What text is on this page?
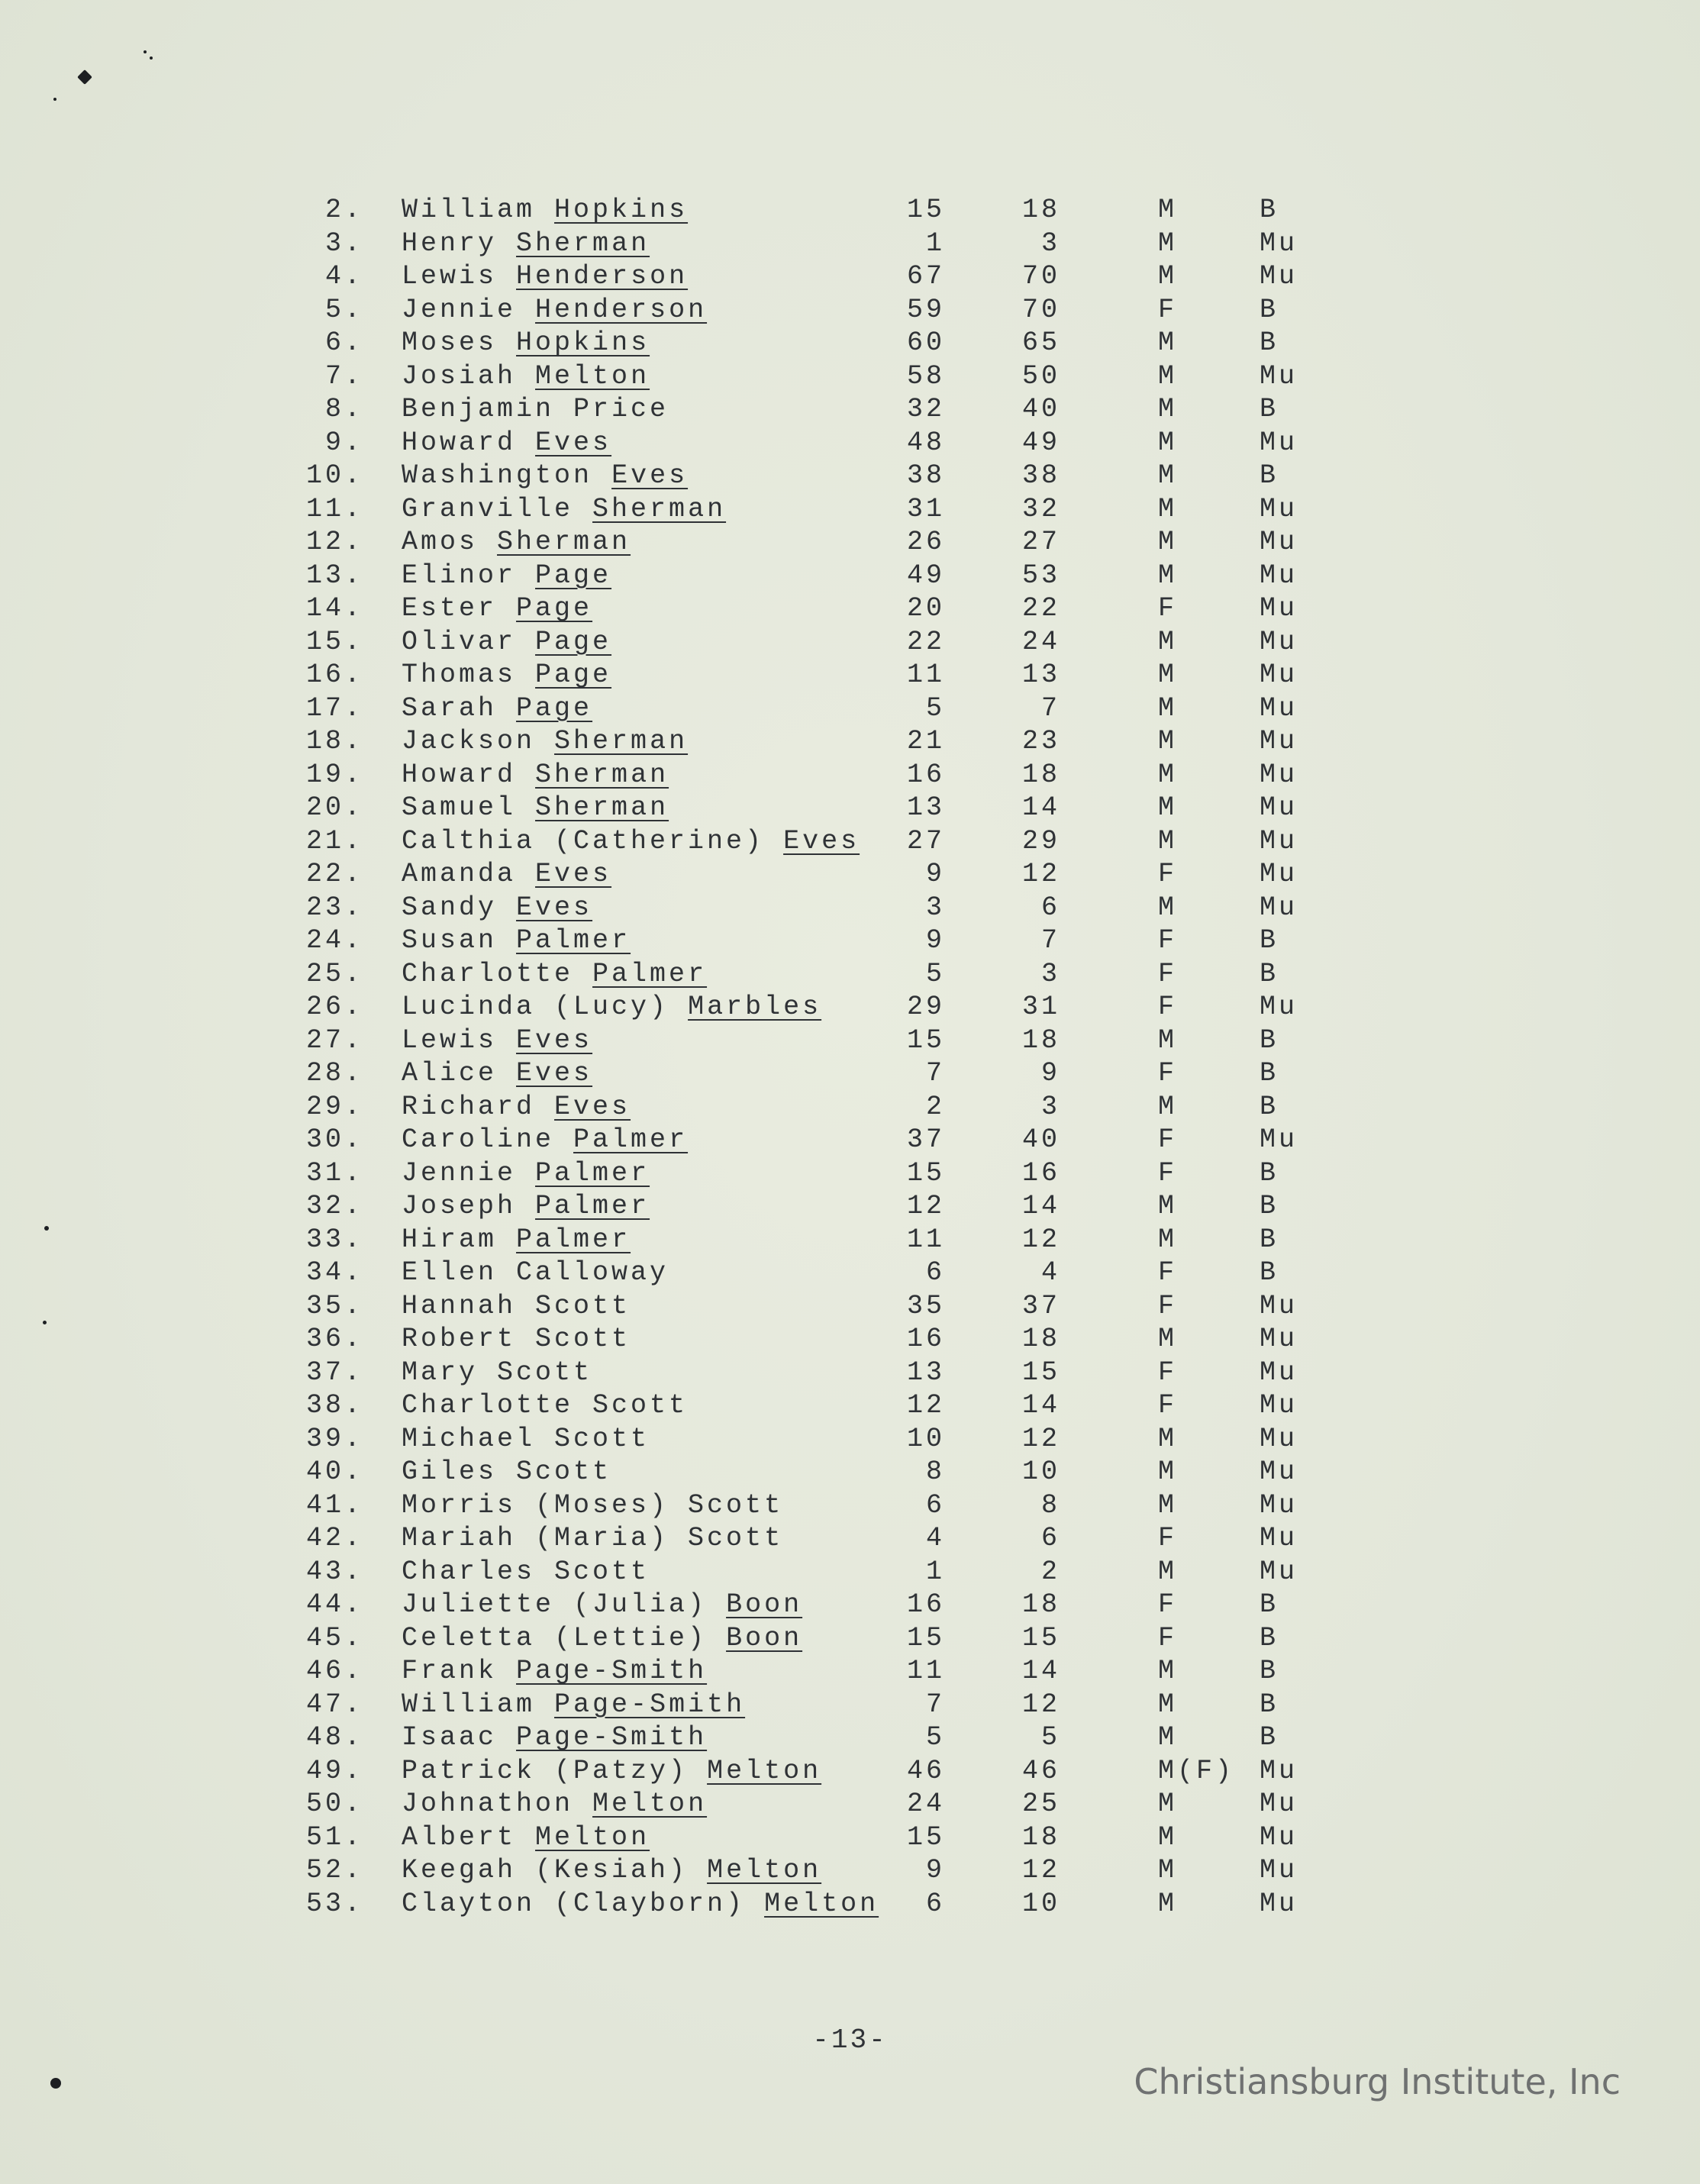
2. William Hopkins	15	18	M	B
3. Henry Sherman	1	3	M	Mu
4. Lewis Henderson	67	70	M	Mu
5. Jennie Henderson	59	70	F	B
6. Moses Hopkins	60	65	M	B
7. Josiah Melton	58	50	M	Mu
8. Benjamin Price	32	40	M	B
9. Howard Eves	48	49	M	Mu
10. Washington Eves	38	38	M	B
11. Granville Sherman	31	32	M	Mu
12. Amos Sherman	26	27	M	Mu
13. Elinor Page	49	53	M	Mu
14. Ester Page	20	22	F	Mu
15. Olivar Page	22	24	M	Mu
16. Thomas Page	11	13	M	Mu
17. Sarah Page	5	7	M	Mu
18. Jackson Sherman	21	23	M	Mu
19. Howard Sherman	16	18	M	Mu
20. Samuel Sherman	13	14	M	Mu
21. Calthia (Catherine) Eves	27	29	M	Mu
22. Amanda Eves	9	12	F	Mu
23. Sandy Eves	3	6	M	Mu
24. Susan Palmer	9	7	F	B
25. Charlotte Palmer	5	3	F	B
26. Lucinda (Lucy) Marbles	29	31	F	Mu
27. Lewis Eves	15	18	M	B
28. Alice Eves	7	9	F	B
29. Richard Eves	2	3	M	B
30. Caroline Palmer	37	40	F	Mu
31. Jennie Palmer	15	16	F	B
32. Joseph Palmer	12	14	M	B
33. Hiram Palmer	11	12	M	B
34. Ellen Calloway	6	4	F	B
35. Hannah Scott	35	37	F	Mu
36. Robert Scott	16	18	M	Mu
37. Mary Scott	13	15	F	Mu
38. Charlotte Scott	12	14	F	Mu
39. Michael Scott	10	12	M	Mu
40. Giles Scott	8	10	M	Mu
41. Morris (Moses) Scott	6	8	M	Mu
42. Mariah (Maria) Scott	4	6	F	Mu
43. Charles Scott	1	2	M	Mu
44. Juliette (Julia) Boon	16	18	F	B
45. Celetta (Lettie) Boon	15	15	F	B
46. Frank Page-Smith	11	14	M	B
47. William Page-Smith	7	12	M	B
48. Isaac Page-Smith	5	5	M	B
49. Patrick (Patzy) Melton	46	46	M(F) Mu
50. Johnathon Melton	24	25	M	Mu
51. Albert Melton	15	18	M	Mu
52. Keegah (Kesiah) Melton	9	12	M	Mu
53. Clayton (Clayborn) Melton	6	10	M	Mu
-13-
Christiansburg Institute, Inc
